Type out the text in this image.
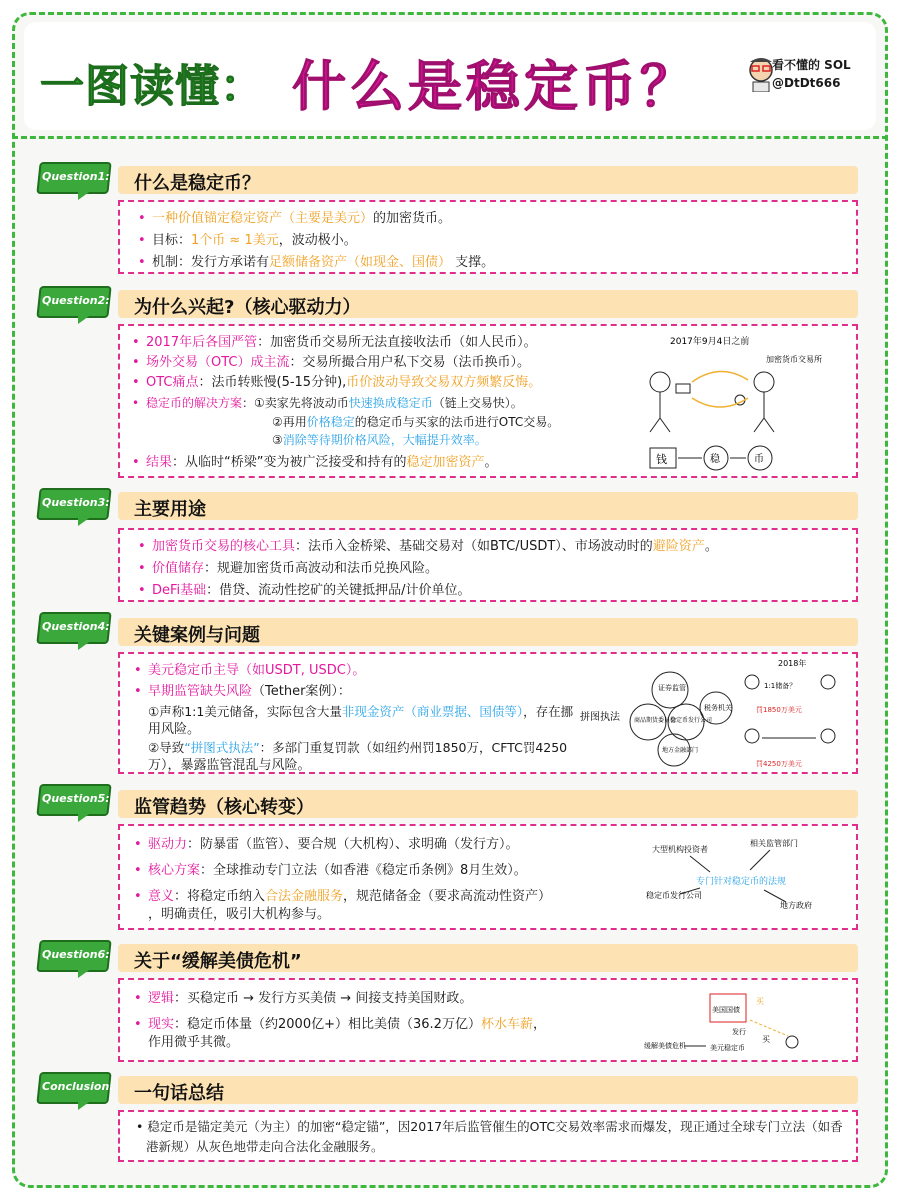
一图读懂： 什么是稳定币？	看不懂的 SOL
@DtDt666
Question1: 什么是稳定币？
• 一种价值锚定稳定资产（主要是美元）的加密货币。
• 目标：1个币 ≈ 1美元，波动极小。
• 机制：发行方承诺有足额储备资产（如现金、国债） 支撑。
Question2: 为什么兴起?（核心驱动力）
• 2017年后各国严管：加密货币交易所无法直接收法币（如人民币）。
• 场外交易（OTC）成主流：交易所撮合用户私下交易（法币换币）。
• OTC痛点：法币转账慢(5-15分钟),币价波动导致交易双方频繁反悔。
• 稳定币的解决方案：①卖家先将波动币快速换成稳定币（链上交易快）。
②再用价格稳定的稳定币与买家的法币进行OTC交易。
③消除等待期价格风险，大幅提升效率。
• 结果：从临时“桥梁”变为被广泛接受和持有的稳定加密资产。
2017年9月4日之前
加密货币交易所
钱	稳	币
Question3: 主要用途
• 加密货币交易的核心工具：法币入金桥梁、基础交易对（如BTC/USDT）、市场波动时的避险资产。
• 价值储存：规避加密货币高波动和法币兑换风险。
• DeFi基础：借贷、流动性挖矿的关键抵押品/计价单位。
Question4: 关键案例与问题
• 美元稳定币主导（如USDT, USDC）。
• 早期监管缺失风险（Tether案例）：
①声称1:1美元储备，实际包含大量非现金资产（商业票据、国债等），存在挪
用风险。
②导致“拼图式执法”：多部门重复罚款（如纽约州罚1850万，CFTC罚4250
万），暴露监管混乱与风险。
拼图执法
证券监管
商品期货委员会
稳定币发行公司
税务机关
地方金融部门
2018年
1:1储备？
罚1850万美元
罚4250万美元
Question5: 监管趋势（核心转变）
• 驱动力：防暴雷（监管）、要合规（大机构）、求明确（发行方）。
• 核心方案：全球推动专门立法（如香港《稳定币条例》8月生效）。
• 意义：将稳定币纳入合法金融服务，规范储备金（要求高流动性资产）
，明确责任，吸引大机构参与。
大型机构投资者
相关监管部门
专门针对稳定币的法规
稳定币发行公司
地方政府
Question6: 关于“缓解美债危机”
• 逻辑：买稳定币 → 发行方买美债 → 间接支持美国财政。
• 现实：稳定币体量（约2000亿+）相比美债（36.2万亿）杯水车薪，
作用微乎其微。
美国国债
买
发行
美元稳定币
买
缓解美债危机
Conclusion: 一句话总结
• 稳定币是锚定美元（为主）的加密“稳定锚”，因2017年后监管催生的OTC交易效率需求而爆发，现正通过全球专门立法（如香
港新规）从灰色地带走向合法化金融服务。
